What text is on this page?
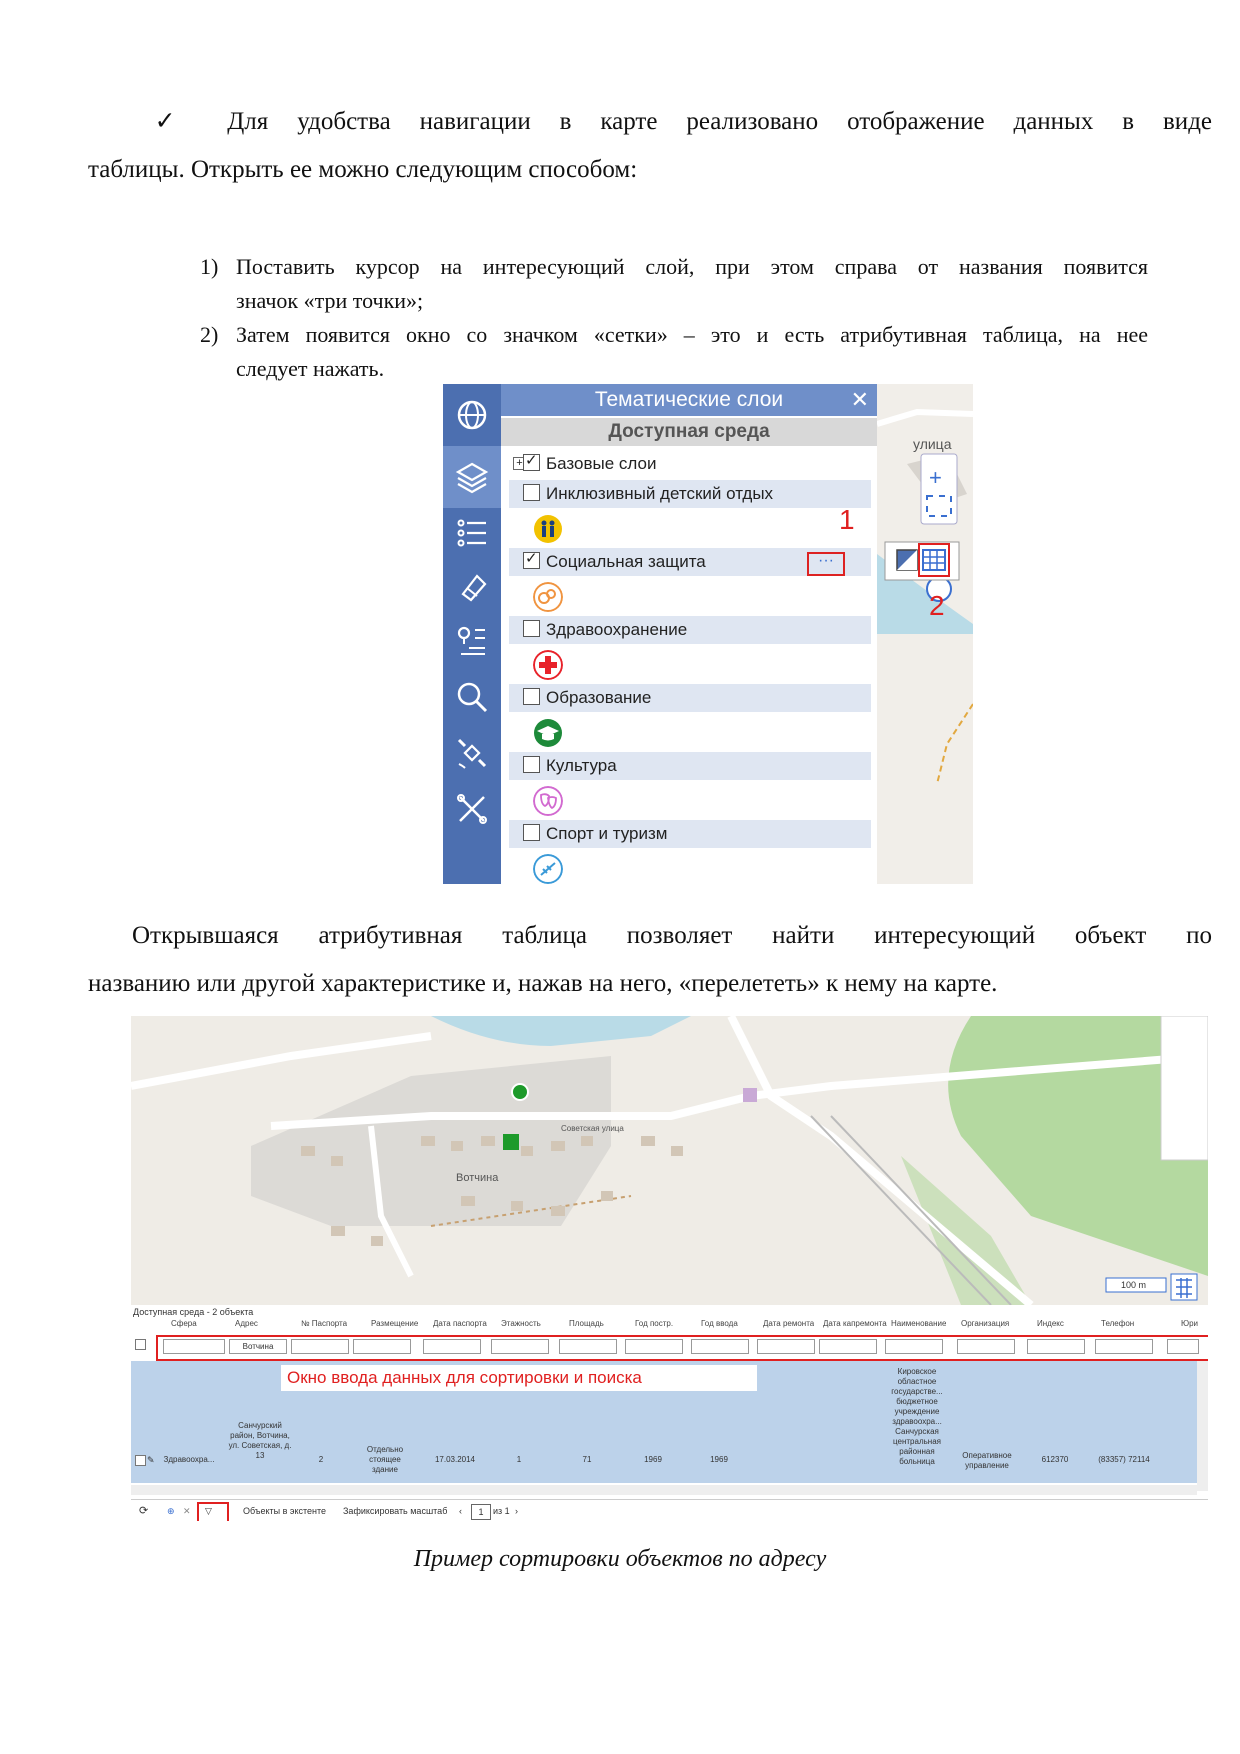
✓ Для удобства навигации в карте реализовано отображение данных в виде
таблицы. Открыть ее можно следующим способом:
1) Поставить курсор на интересующий слой, при этом справа от названия появится
значок «три точки»;
2) Затем появится окно со значком «сетки» – это и есть атрибутивная таблица, на нее
следует нажать.
Тематические слои	✕
Доступная среда
+
✓ Базовые слои
Инклюзивный детский отдых
✓Социальная защита	···
Здравоохранение
Образование
Культура
Спорт и туризм
+
улица
1
2
Открывшаяся атрибутивная таблица позволяет найти интересующий объект по
названию или другой характеристике и, нажав на него, «перелететь» к нему на карте.
Вотчина
Советская улица
100 m
Доступная среда - 2 объекта
Сфера	Адрес	№ Паспорта	Размещение Дата паспорта Этажность	Площадь	Год постр.	Год ввода	Дата ремонта Дата капремонта Наименование Организация	Индекс	Телефон	Юри
Вотчина
Окно ввода данных для сортировки и поиска
✎	Здравоохра...
Санчурский район, Вотчина, ул. Советская, д. 13	2
Отдельно стоящее здание
17.03.2014	1	71	1969	1969
Кировское областное государстве... бюджетное учреждение здравоохра... Санчурская центральная районная больница
Оперативное управление
612370	(83357) 72114
⟳ ⊕ ✕ ▽	Объекты в экстенте Зафиксировать масштаб ‹	1	из 1 ›
Пример сортировки объектов по адресу
